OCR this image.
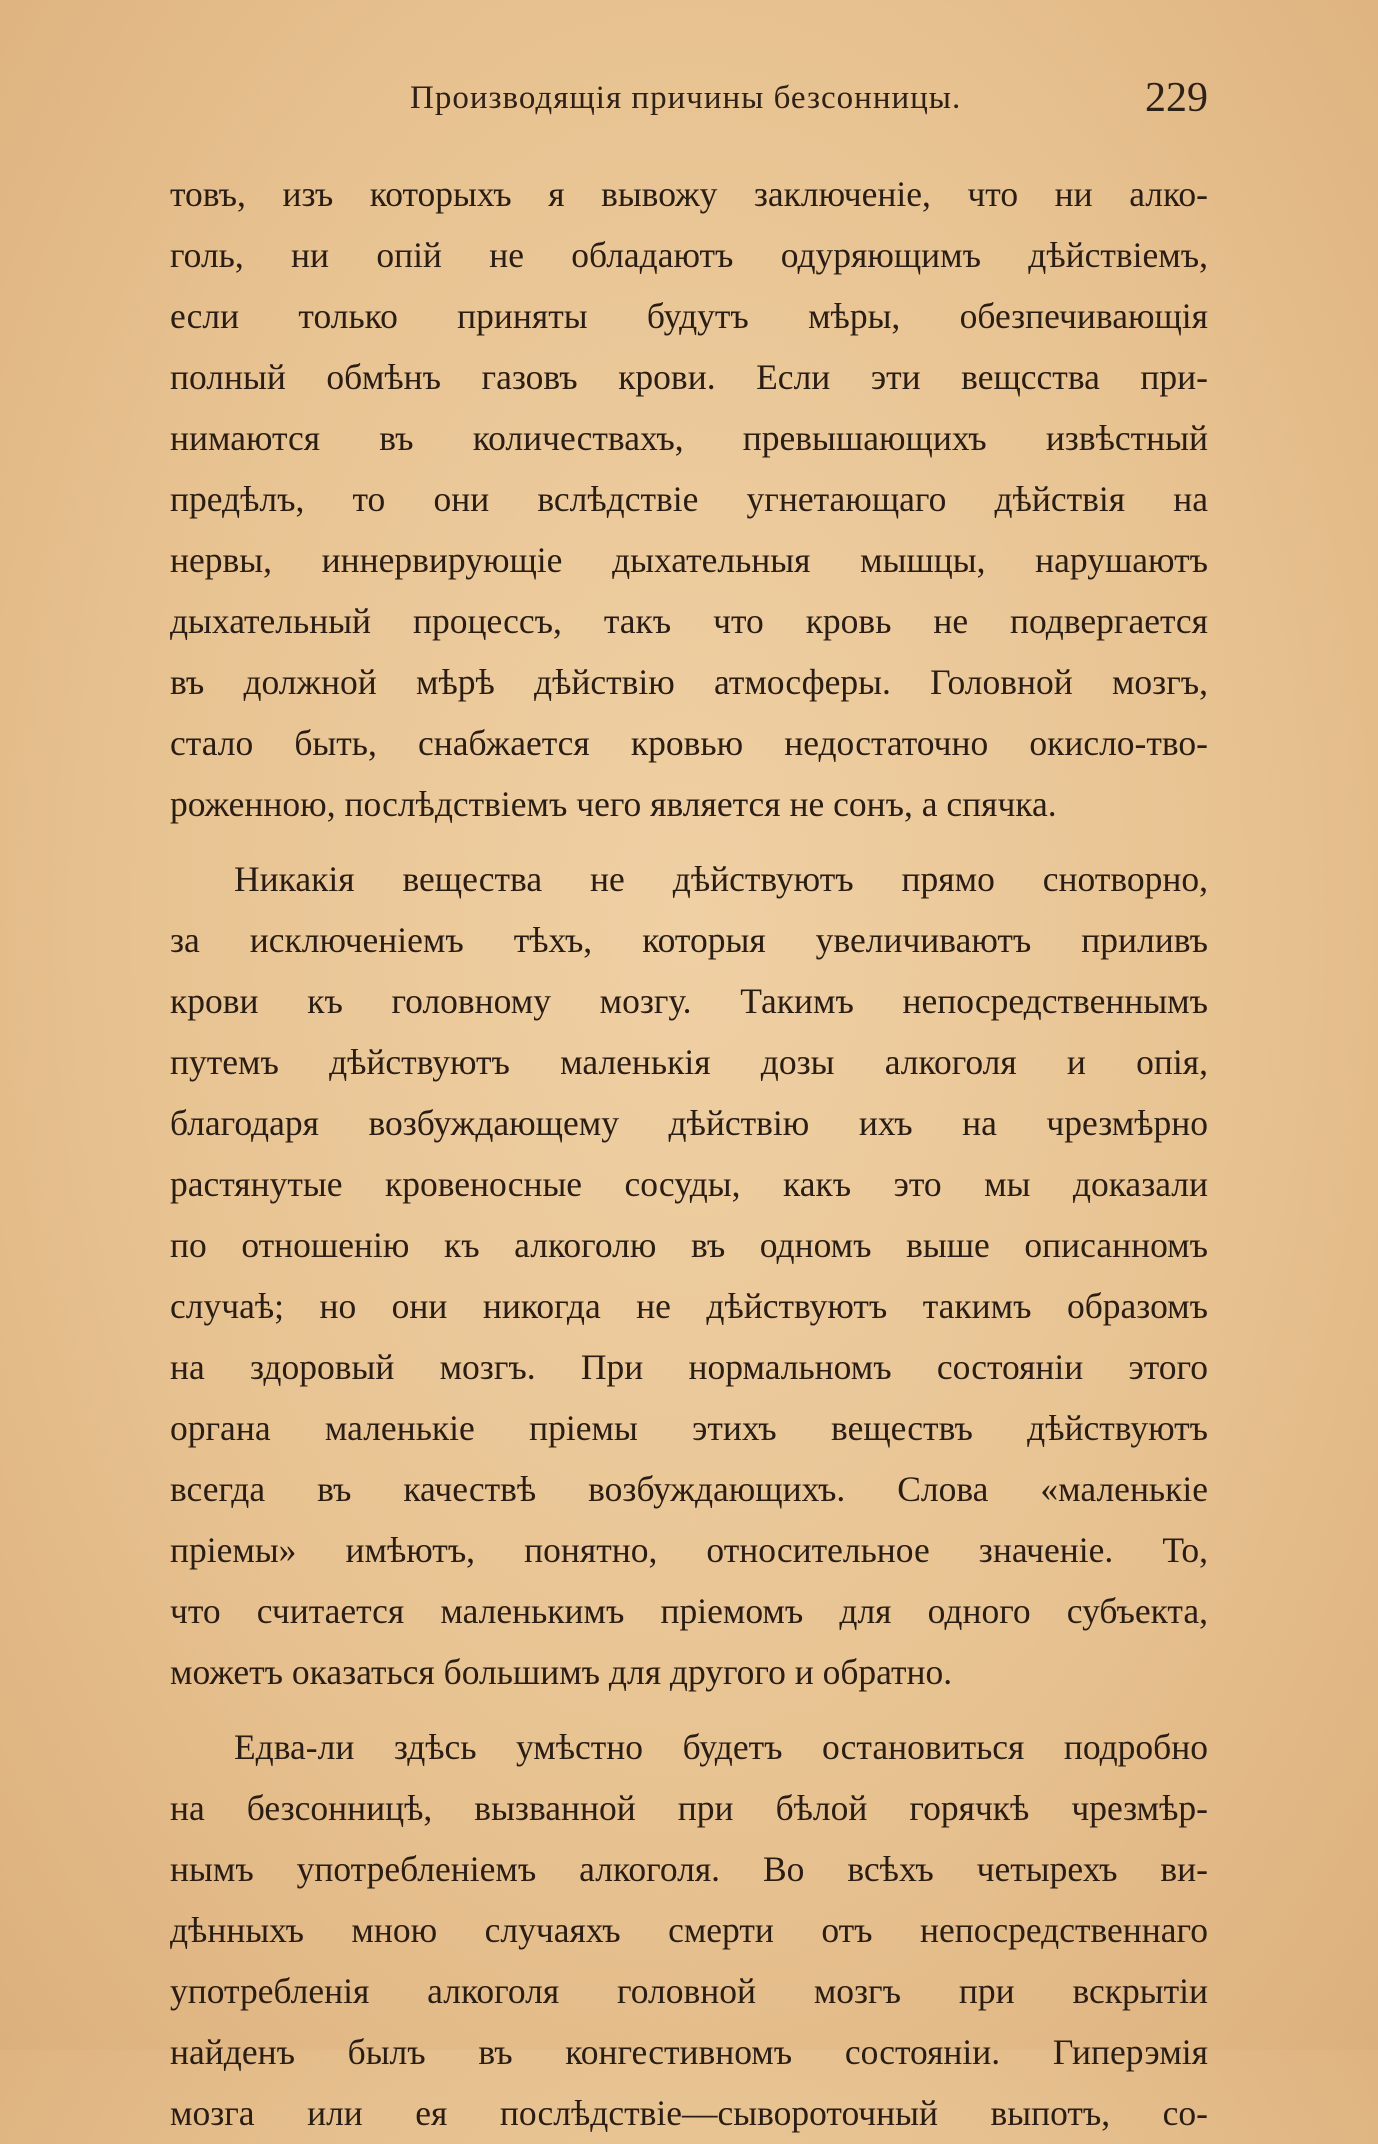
Производящія причины безсонницы.	229
товъ, изъ которыхъ я вывожу заключеніе, что ни алко-
голь, ни опій не обладаютъ одуряющимъ дѣйствіемъ,
если только приняты будутъ мѣры, обезпечивающія
полный обмѣнъ газовъ крови. Если эти вещсства при-
нимаются въ количествахъ, превышающихъ извѣстный
предѣлъ, то они вслѣдствіе угнетающаго дѣйствія на
нервы, иннервирующіе дыхательныя мышцы, нарушаютъ
дыхательный процессъ, такъ что кровь не подвергается
въ должной мѣрѣ дѣйствію атмосферы. Головной мозгъ,
стало быть, снабжается кровью недостаточно окисло-тво-
роженною, послѣдствіемъ чего является не сонъ, а спячка.
Никакія вещества не дѣйствуютъ прямо снотворно,
за исключеніемъ тѣхъ, которыя увеличиваютъ приливъ
крови къ головному мозгу. Такимъ непосредственнымъ
путемъ дѣйствуютъ маленькія дозы алкоголя и опія,
благодаря возбуждающему дѣйствію ихъ на чрезмѣрно
растянутые кровеносные сосуды, какъ это мы доказали
по отношенію къ алкоголю въ одномъ выше описанномъ
случаѣ; но они никогда не дѣйствуютъ такимъ образомъ
на здоровый мозгъ. При нормальномъ состояніи этого
органа маленькіе пріемы этихъ веществъ дѣйствуютъ
всегда въ качествѣ возбуждающихъ. Слова «маленькіе
пріемы» имѣютъ, понятно, относительное значеніе. То,
что считается маленькимъ пріемомъ для одного субъекта,
можетъ оказаться большимъ для другого и обратно.
Едва-ли здѣсь умѣстно будетъ остановиться подробно
на безсонницѣ, вызванной при бѣлой горячкѣ чрезмѣр-
нымъ употребленіемъ алкоголя. Во всѣхъ четырехъ ви-
дѣнныхъ мною случаяхъ смерти отъ непосредственнаго
употребленія алкоголя головной мозгъ при вскрытіи
найденъ былъ въ конгестивномъ состояніи. Гиперэмія
мозга или ея послѣдствіе—сывороточный выпотъ, со-
